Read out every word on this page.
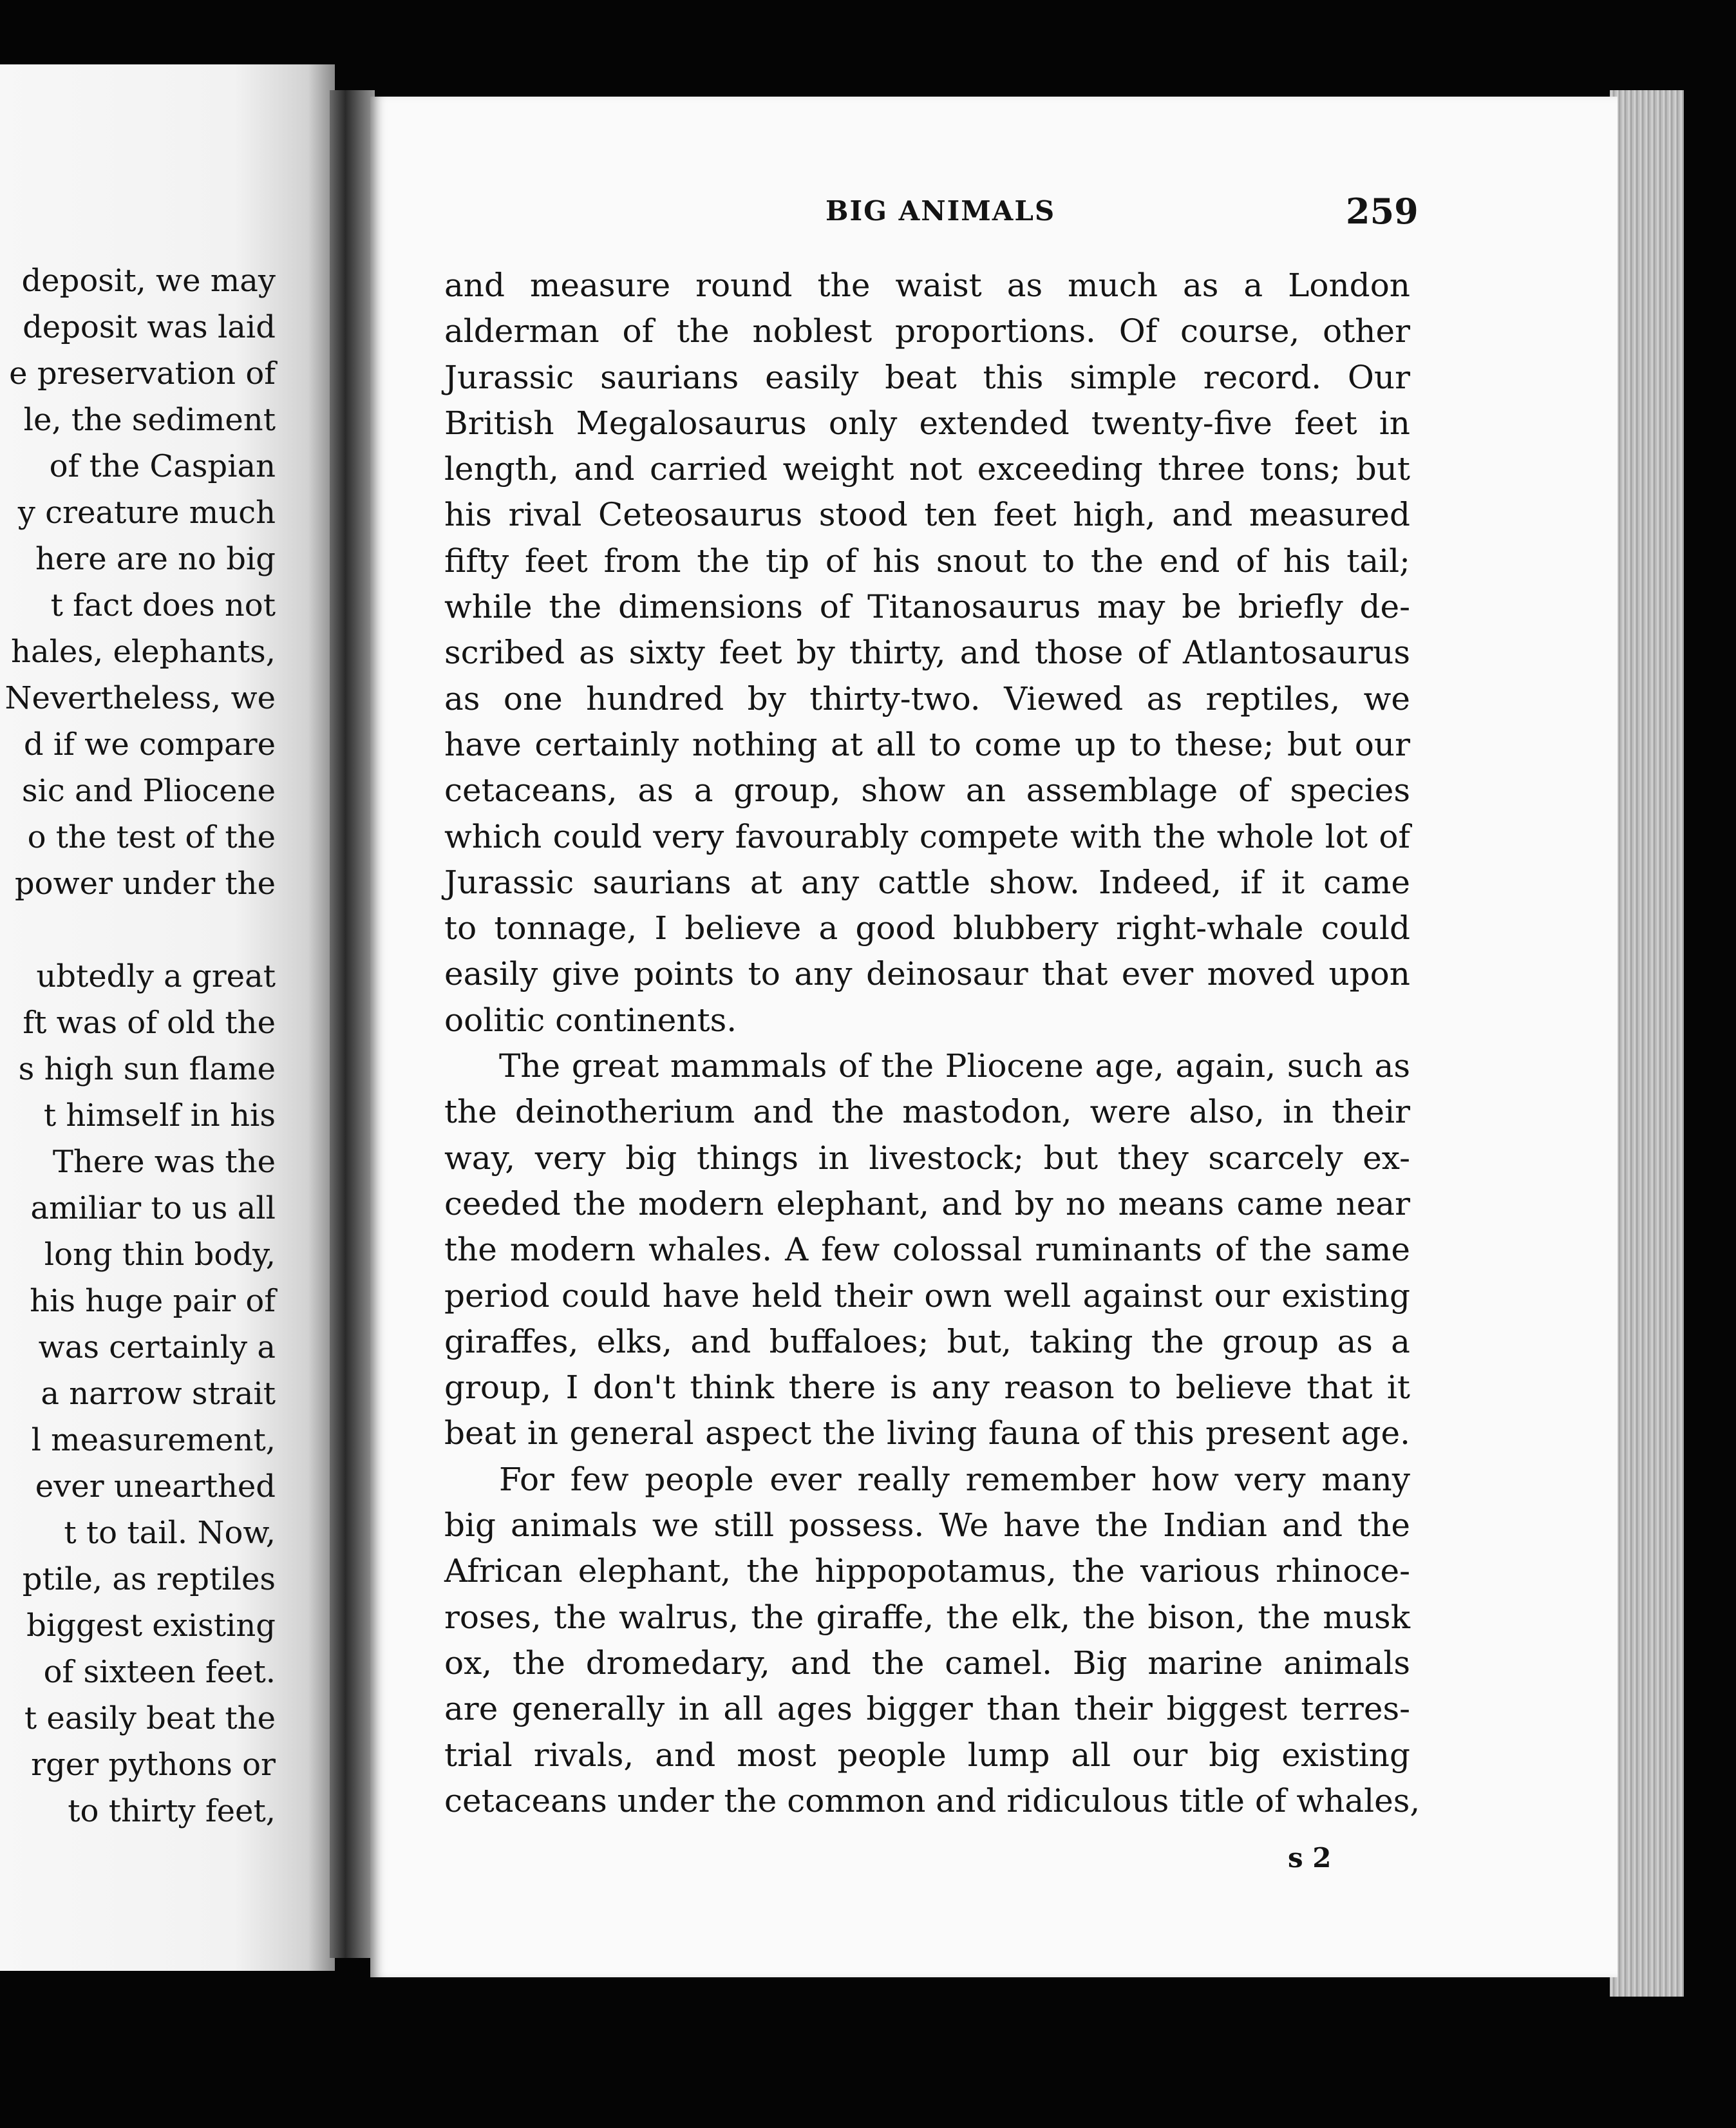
deposit, we may
deposit was laid
e preservation of
le, the sediment
of the Caspian
y creature much
here are no big
t fact does not
hales, elephants,
Nevertheless, we
d if we compare
sic and Pliocene
o the test of the
power under the
ubtedly a great
ft was of old the
s high sun flame
t himself in his
There was the
amiliar to us all
long thin body,
his huge pair of
was certainly a
a narrow strait
l measurement,
ever unearthed
t to tail. Now,
ptile, as reptiles
biggest existing
of sixteen feet.
t easily beat the
rger pythons or
to thirty feet,
BIG ANIMALS	259
and measure round the waist as much as a London
alderman of the noblest proportions. Of course, other
Jurassic saurians easily beat this simple record. Our
British Megalosaurus only extended twenty-five feet in
length, and carried weight not exceeding three tons; but
his rival Ceteosaurus stood ten feet high, and measured
fifty feet from the tip of his snout to the end of his tail;
while the dimensions of Titanosaurus may be briefly de-
scribed as sixty feet by thirty, and those of Atlantosaurus
as one hundred by thirty-two. Viewed as reptiles, we
have certainly nothing at all to come up to these; but our
cetaceans, as a group, show an assemblage of species
which could very favourably compete with the whole lot of
Jurassic saurians at any cattle show. Indeed, if it came
to tonnage, I believe a good blubbery right-whale could
easily give points to any deinosaur that ever moved upon
oolitic continents.
The great mammals of the Pliocene age, again, such as
the deinotherium and the mastodon, were also, in their
way, very big things in livestock; but they scarcely ex-
ceeded the modern elephant, and by no means came near
the modern whales. A few colossal ruminants of the same
period could have held their own well against our existing
giraffes, elks, and buffaloes; but, taking the group as a
group, I don't think there is any reason to believe that it
beat in general aspect the living fauna of this present age.
For few people ever really remember how very many
big animals we still possess. We have the Indian and the
African elephant, the hippopotamus, the various rhinoce-
roses, the walrus, the giraffe, the elk, the bison, the musk
ox, the dromedary, and the camel. Big marine animals
are generally in all ages bigger than their biggest terres-
trial rivals, and most people lump all our big existing
cetaceans under the common and ridiculous title of whales,
s 2
